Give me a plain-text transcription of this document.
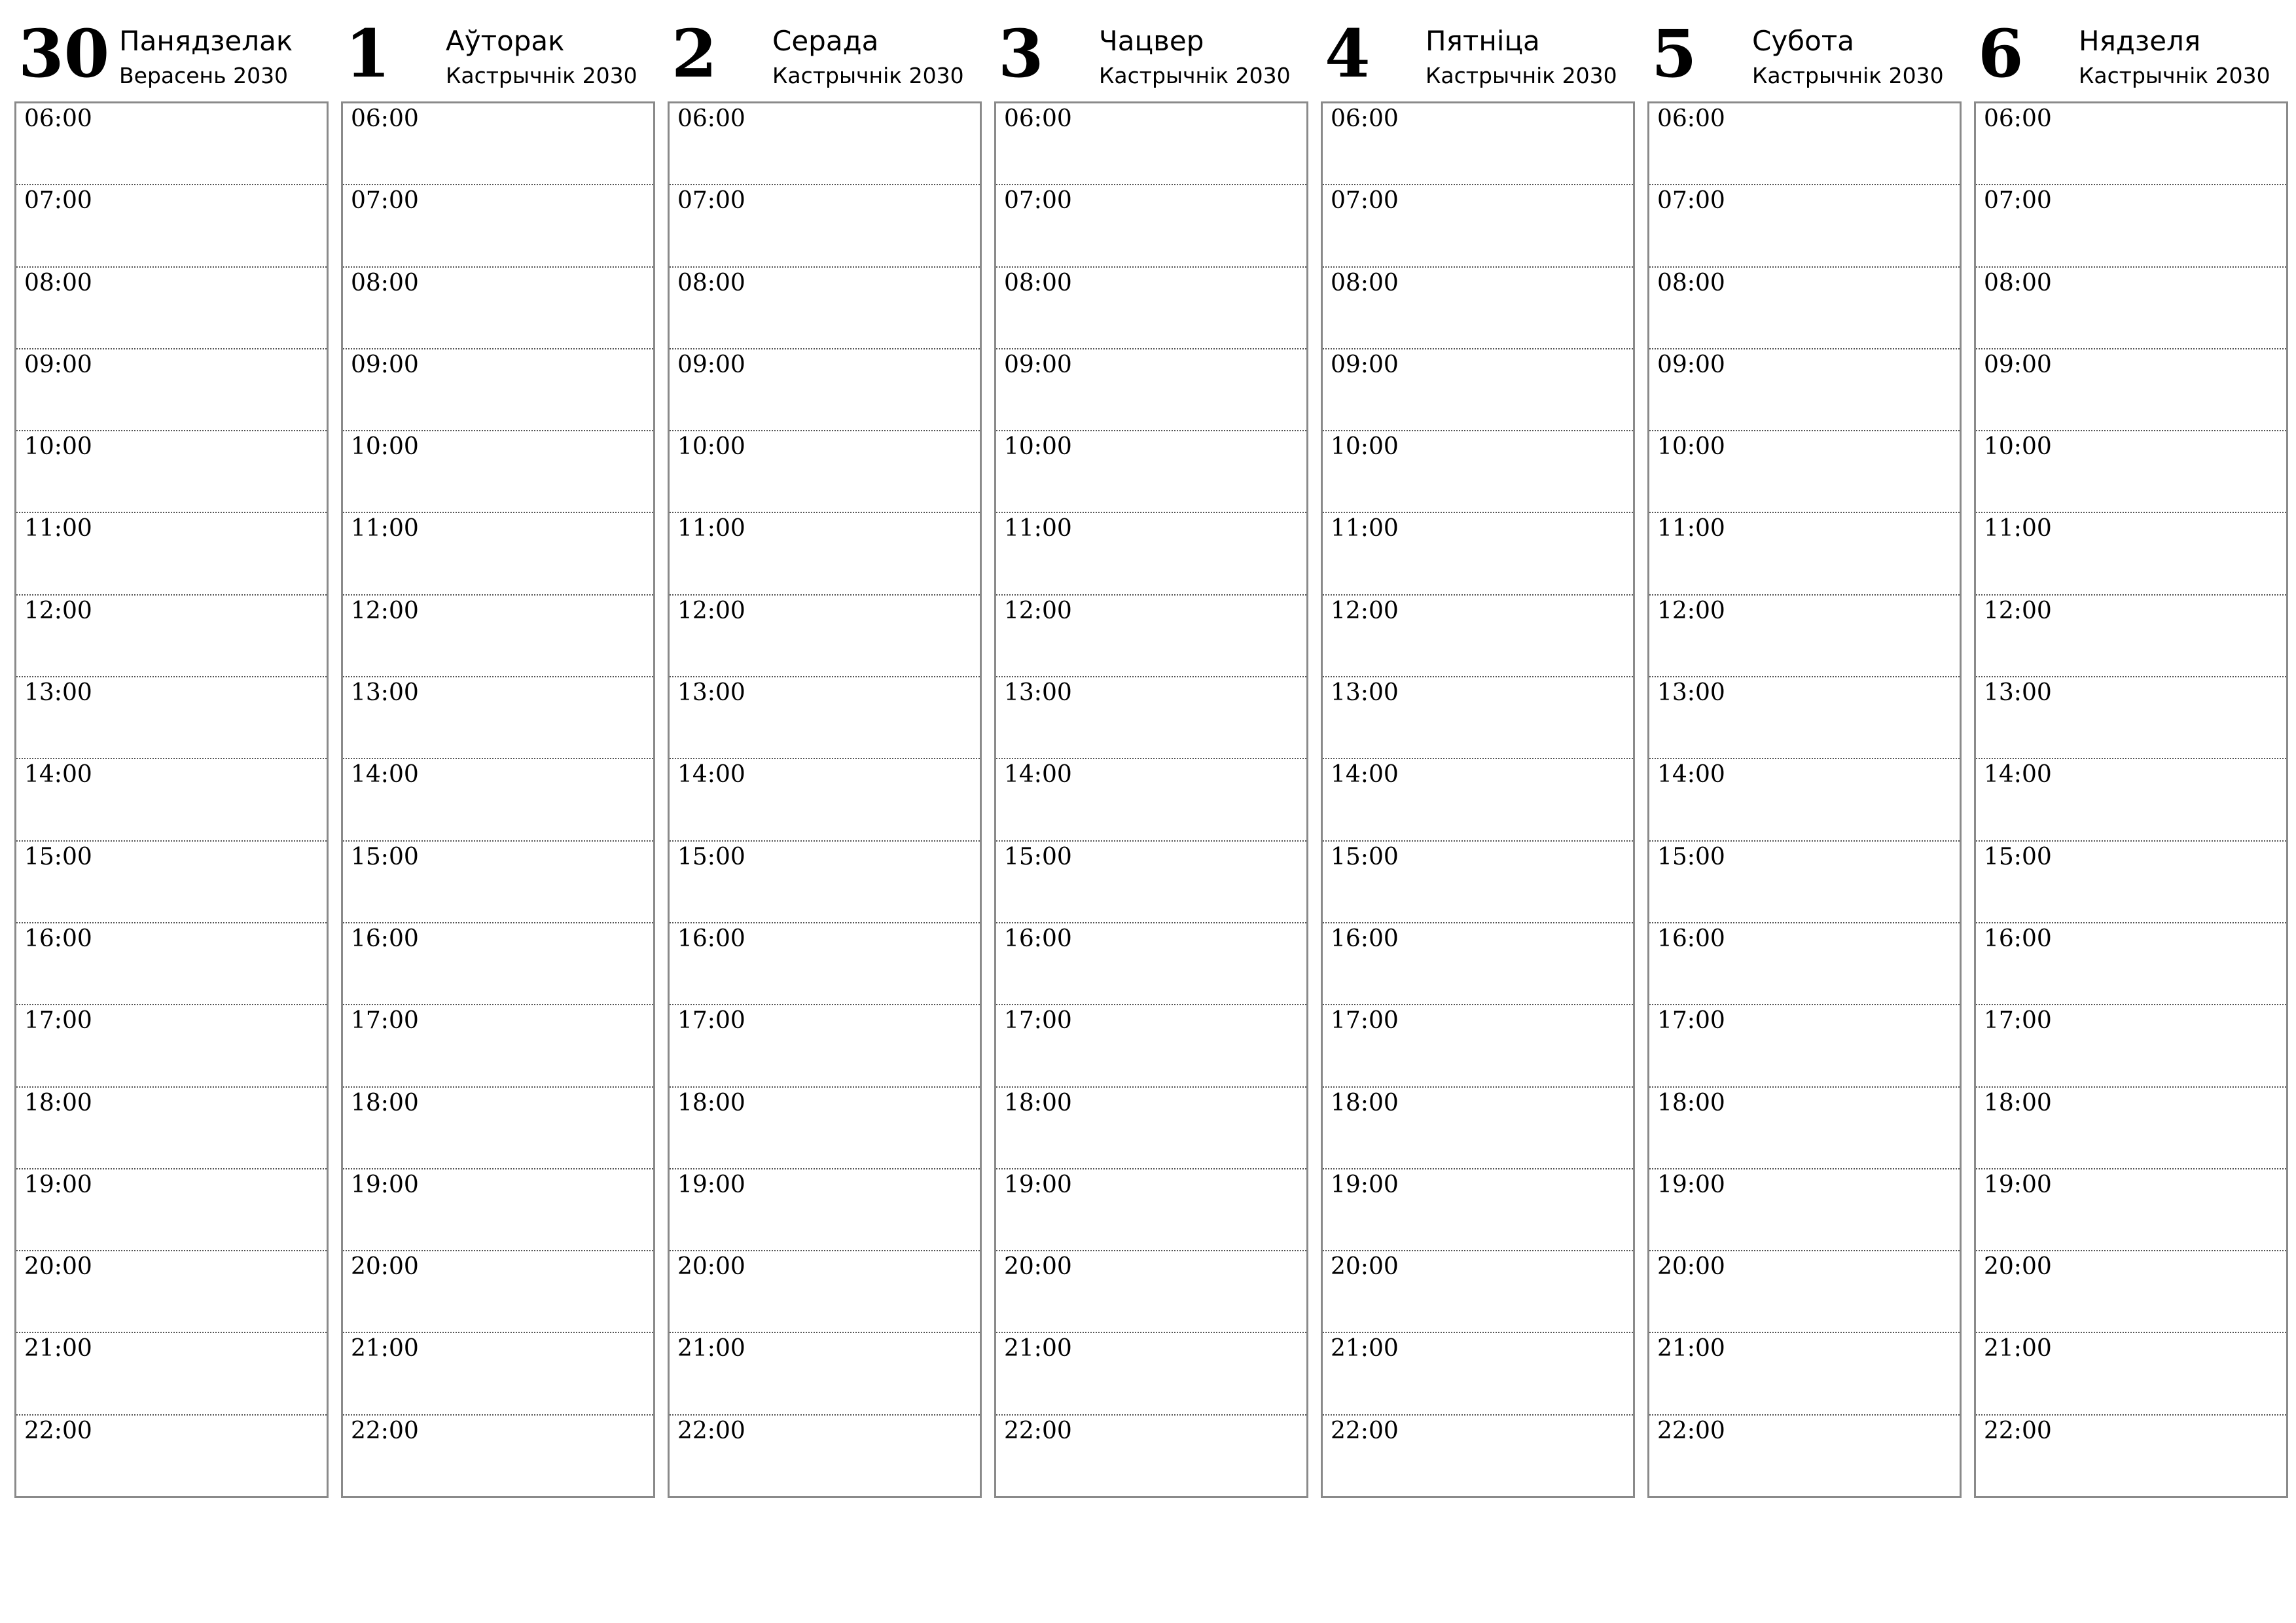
30 Панядзелак
Верасень 2030
06:00
07:00
08:00
09:00
10:00
11:00
12:00
13:00
14:00
15:00
16:00
17:00
18:00
19:00
20:00
21:00
22:00
1 Аўторак
Кастрычнік 2030
06:00
07:00
08:00
09:00
10:00
11:00
12:00
13:00
14:00
15:00
16:00
17:00
18:00
19:00
20:00
21:00
22:00
2 Серада
Кастрычнік 2030
06:00
07:00
08:00
09:00
10:00
11:00
12:00
13:00
14:00
15:00
16:00
17:00
18:00
19:00
20:00
21:00
22:00
3 Чацвер
Кастрычнік 2030
06:00
07:00
08:00
09:00
10:00
11:00
12:00
13:00
14:00
15:00
16:00
17:00
18:00
19:00
20:00
21:00
22:00
4 Пятніца
Кастрычнік 2030
06:00
07:00
08:00
09:00
10:00
11:00
12:00
13:00
14:00
15:00
16:00
17:00
18:00
19:00
20:00
21:00
22:00
5 Субота
Кастрычнік 2030
06:00
07:00
08:00
09:00
10:00
11:00
12:00
13:00
14:00
15:00
16:00
17:00
18:00
19:00
20:00
21:00
22:00
6 Нядзеля
Кастрычнік 2030
06:00
07:00
08:00
09:00
10:00
11:00
12:00
13:00
14:00
15:00
16:00
17:00
18:00
19:00
20:00
21:00
22:00
